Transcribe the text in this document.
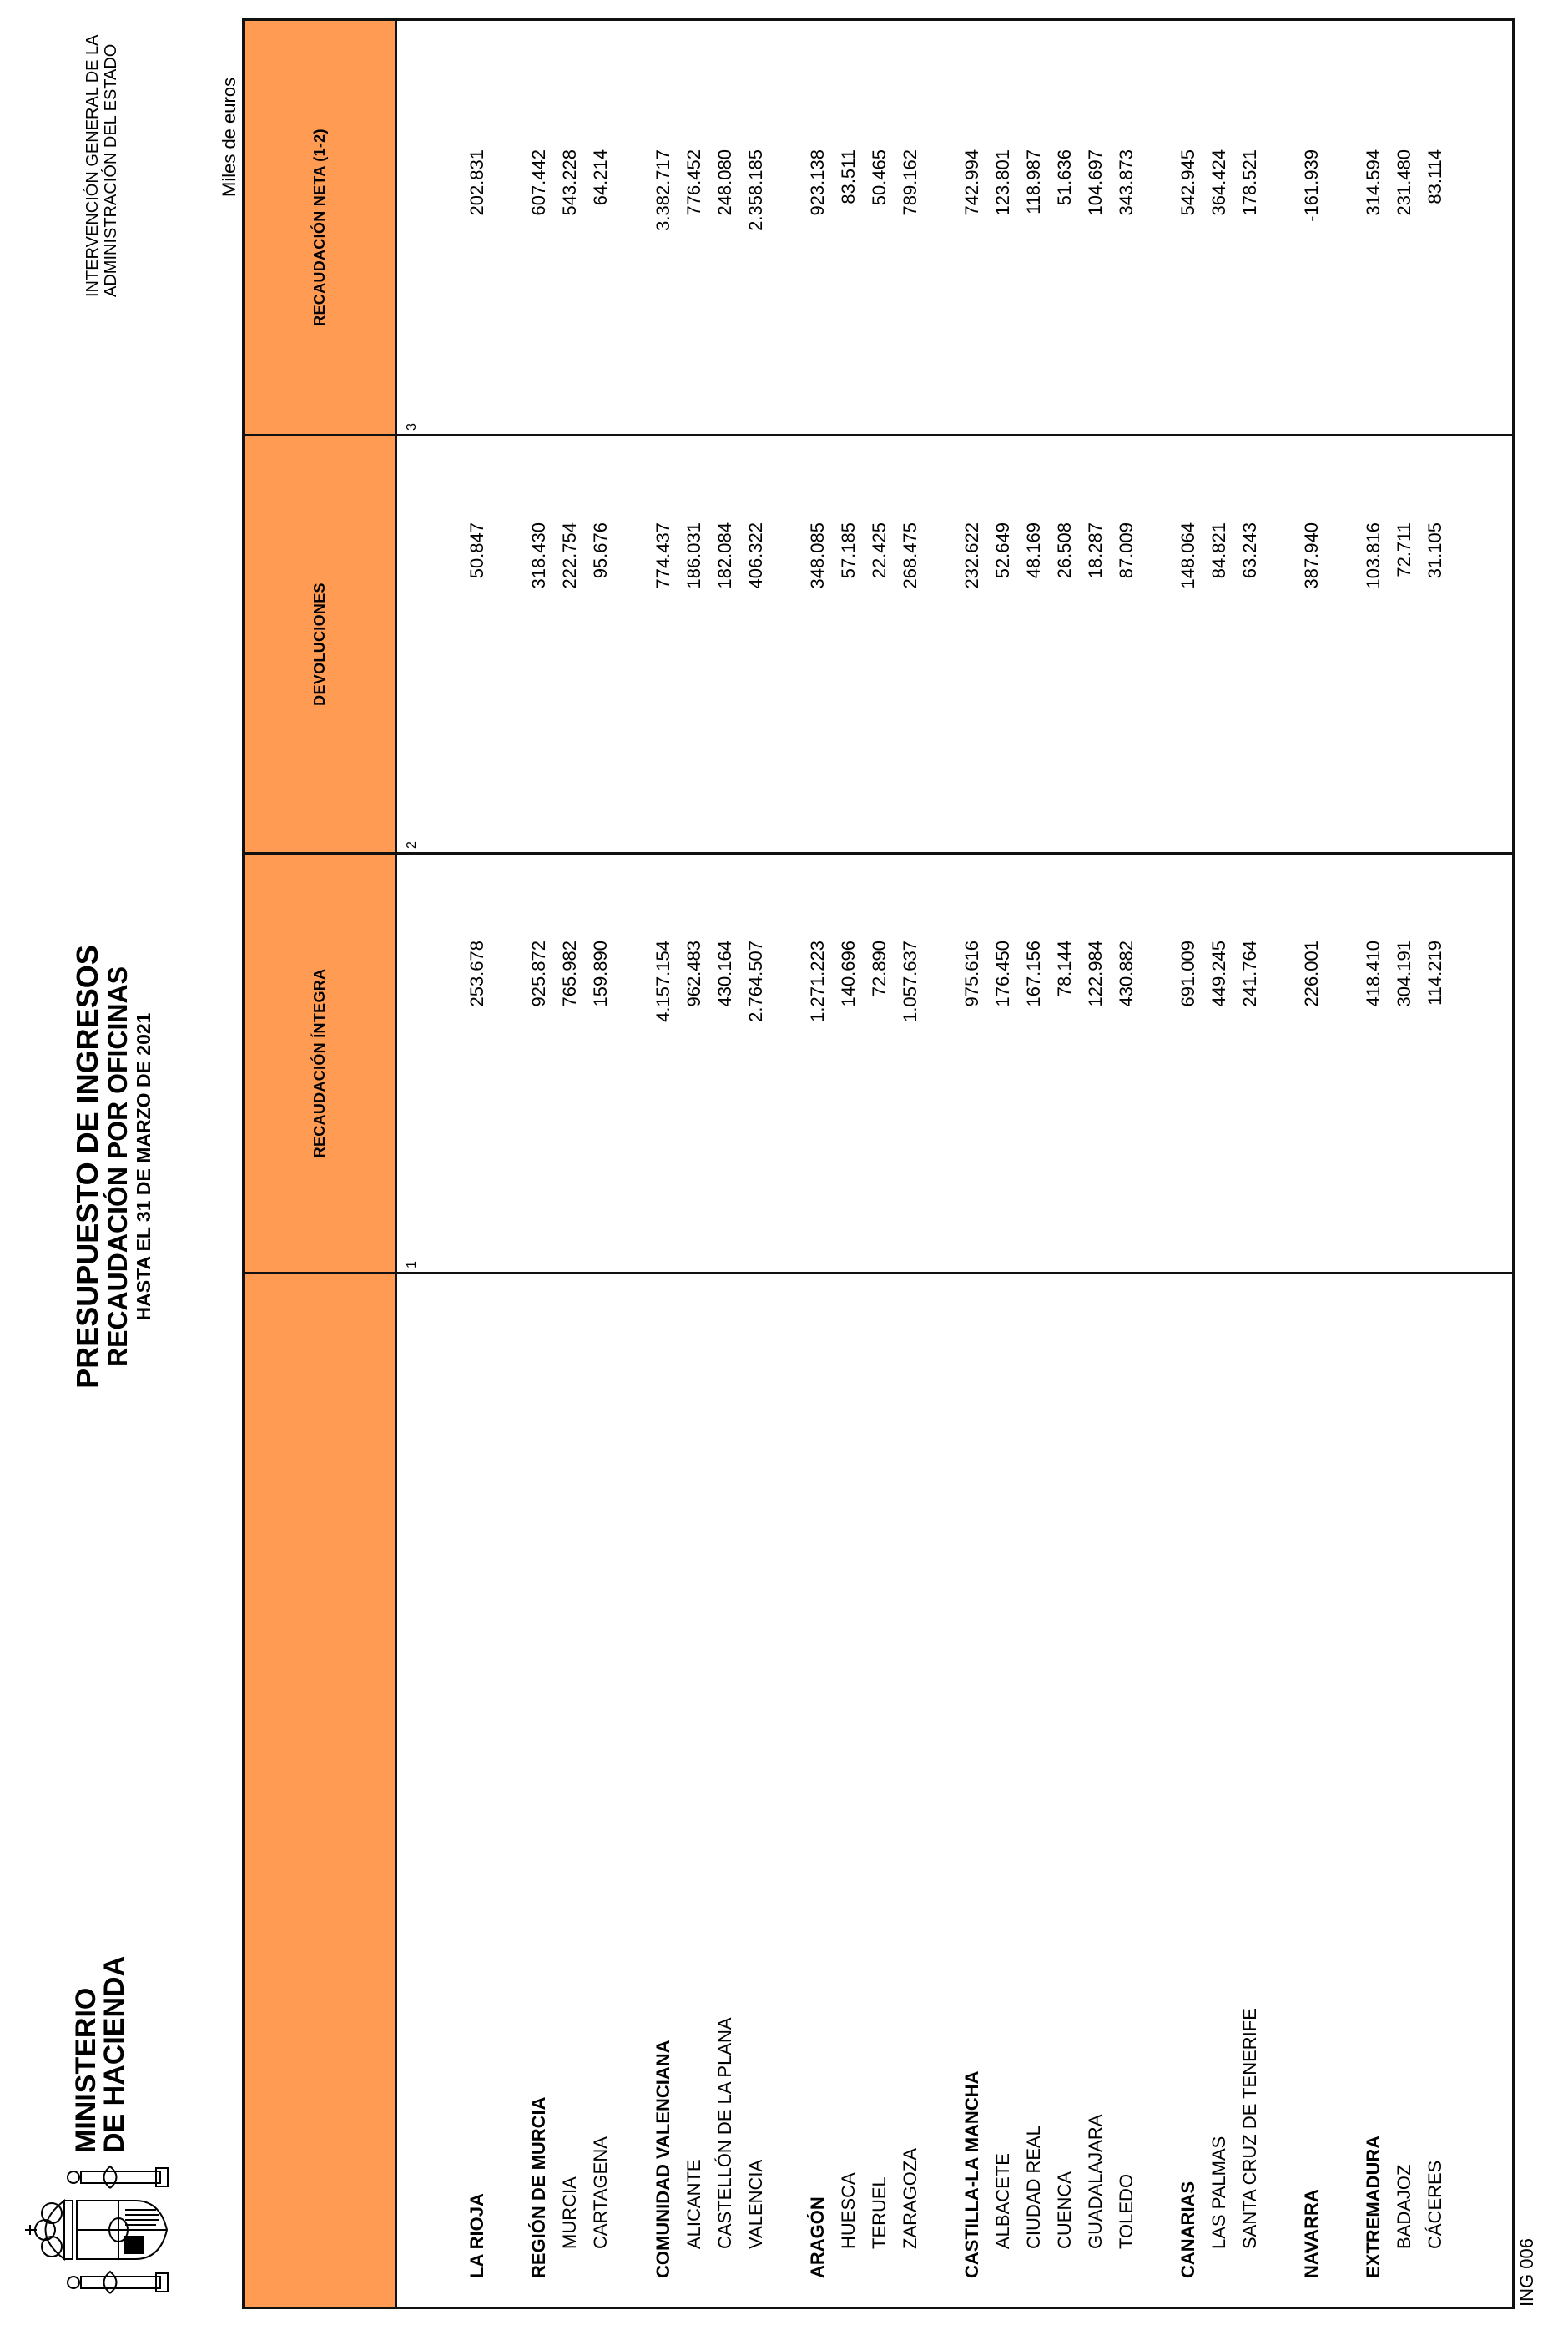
MINISTERIO
DE HACIENDA
PRESUPUESTO DE INGRESOS
RECAUDACIÓN POR OFICINAS HASTA EL 31 DE MARZO DE 2021
INTERVENCIÓN GENERAL DE LA ADMINISTRACIÓN DEL ESTADO	Miles de euros
RECAUDACIÓN ÍNTEGRA
DEVOLUCIONES
RECAUDACIÓN NETA (1-2)
1
2
3
LA RIOJA
253.678
50.847
202.831
REGIÓN DE MURCIA
925.872
318.430
607.442
MURCIA
765.982
222.754
543.228
CARTAGENA
159.890
95.676
64.214
COMUNIDAD VALENCIANA
4.157.154
774.437
3.382.717
ALICANTE
962.483
186.031
776.452
CASTELLÓN DE LA PLANA
430.164
182.084
248.080
VALENCIA
2.764.507
406.322
2.358.185
ARAGÓN
1.271.223
348.085
923.138
HUESCA
140.696
57.185
83.511
TERUEL
72.890
22.425
50.465
ZARAGOZA
1.057.637
268.475
789.162
CASTILLA-LA MANCHA
975.616
232.622
742.994
ALBACETE
176.450
52.649
123.801
CIUDAD REAL
167.156
48.169
118.987
CUENCA
78.144
26.508
51.636
GUADALAJARA
122.984
18.287
104.697
TOLEDO
430.882
87.009
343.873
CANARIAS
691.009
148.064
542.945
LAS PALMAS
449.245
84.821
364.424
SANTA CRUZ DE TENERIFE
241.764
63.243
178.521
NAVARRA
226.001
387.940
-161.939
EXTREMADURA
418.410
103.816
314.594
BADAJOZ
304.191
72.711
231.480
CÁCERES
114.219
31.105
83.114
ING 006
